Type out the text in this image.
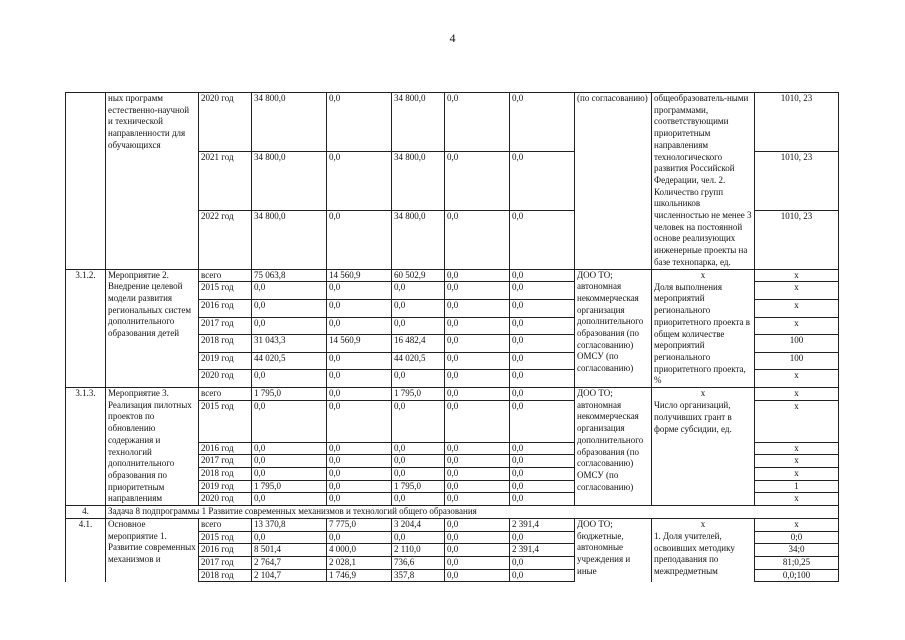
4
	ных программ естественно-научной и технической направленности для обучающихся	2020 год	34 800,0	0,0	34 800,0	0,0	0,0	(по согласованию)	общеобразователь-ными программами, соответствующими приоритетным направлениям технологического развития Российской Федерации, чел. 2. Количество групп школьников численностью не менее 3 человек на постоянной основе реализующих инженерные проекты на базе технопарка, ед.	1010, 23
		2021 год	34 800,0	0,0	34 800,0	0,0	0,0			1010, 23
		2022 год	34 800,0	0,0	34 800,0	0,0	0,0			1010, 23
3.1.2.	Мероприятие 2. Внедрение целевой модели развития региональных систем дополнительного образования детей	всего	75 063,8	14 560,9	60 502,9	0,0	0,0	ДОО ТО; автономная некоммерческая организация дополнительного образования (по согласованию) ОМСУ (по согласованию)	x	x
		2015 год	0,0	0,0	0,0	0,0	0,0		Доля выполнения мероприятий регионального приоритетного проекта в общем количестве мероприятий регионального приоритетного проекта, %	x
		2016 год	0,0	0,0	0,0	0,0	0,0			x
		2017 год	0,0	0,0	0,0	0,0	0,0			x
		2018 год	31 043,3	14 560,9	16 482,4	0,0	0,0			100
		2019 год	44 020,5	0,0	44 020,5	0,0	0,0			100
		2020 год	0,0	0,0	0,0	0,0	0,0			x
3.1.3.	Мероприятие 3. Реализация пилотных проектов по обновлению содержания и технологий дополнительного образования по приоритетным направлениям	всего	1 795,0	0,0	1 795,0	0,0	0,0	ДОО ТО; автономная некоммерческая организация дополнительного образования (по согласованию) ОМСУ (по согласованию)	x	x
		2015 год	0,0	0,0	0,0	0,0	0,0		Число организаций, получивших грант в форме субсидии, ед.	x
		2016 год	0,0	0,0	0,0	0,0	0,0			x
		2017 год	0,0	0,0	0,0	0,0	0,0			x
		2018 год	0,0	0,0	0,0	0,0	0,0			x
		2019 год	1 795,0	0,0	1 795,0	0,0	0,0			1
		2020 год	0,0	0,0	0,0	0,0	0,0			x
4.	Задача 8 подпрограммы 1 Развитие современных механизмов и технологий общего образования									
4.1.	Основное мероприятие 1. Развитие современных механизмов и	всего	13 370,8	7 775,0	3 204,4	0,0	2 391,4	ДОО ТО; бюджетные, автономные учреждения и иные	x	x
		2015 год	0,0	0,0	0,0	0,0	0,0		1. Доля учителей, освоивших методику преподавания по межпредметным	0;0
		2016 год	8 501,4	4 000,0	2 110,0	0,0	2 391,4			34;0
		2017 год	2 764,7	2 028,1	736,6	0,0	0,0			81;0,25
		2018 год	2 104,7	1 746,9	357,8	0,0	0,0			0,0;100
